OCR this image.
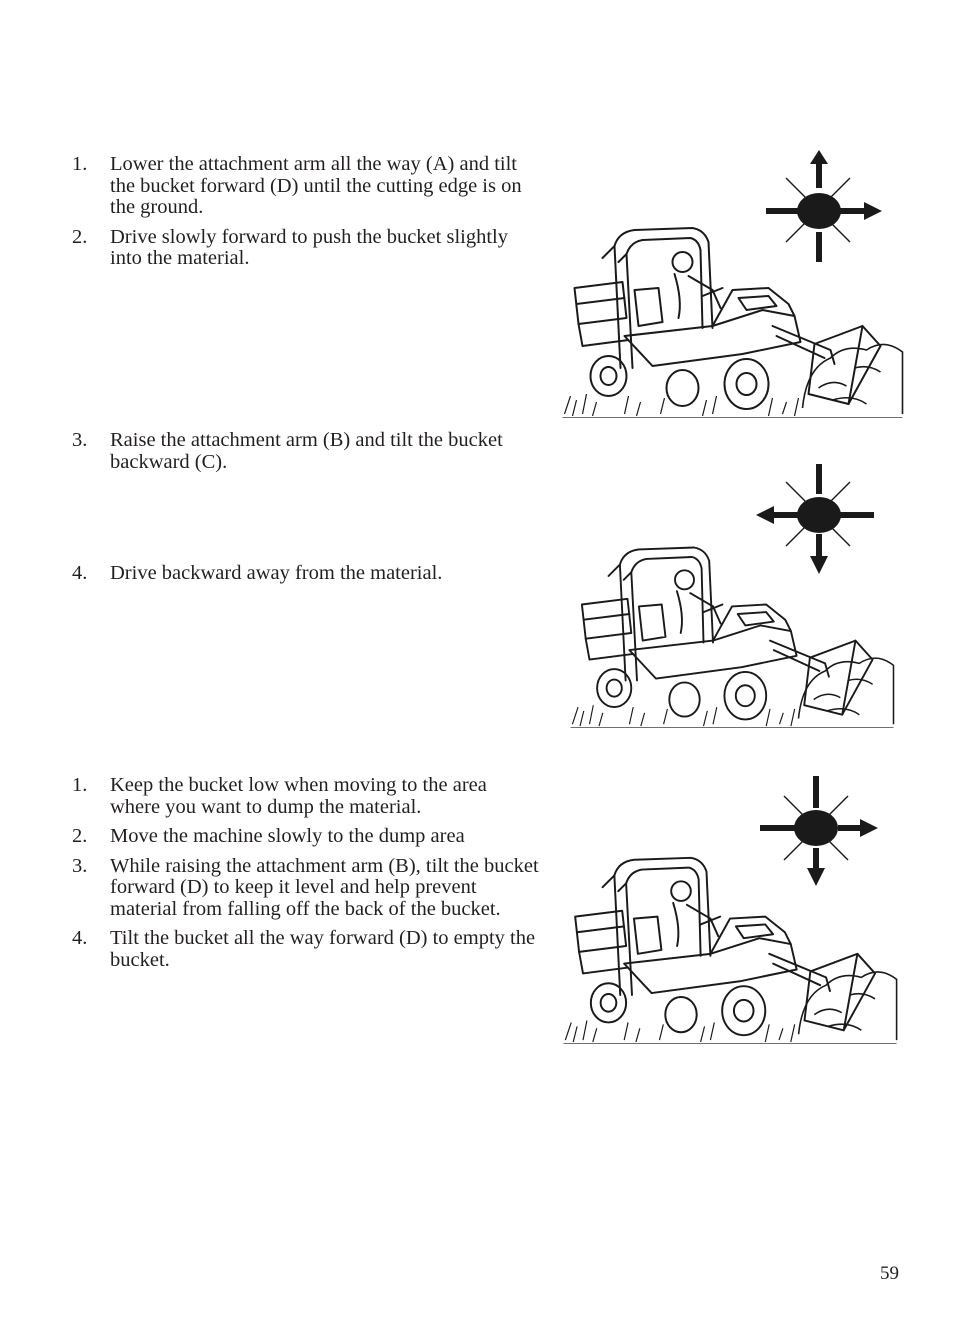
1. Lower the attachment arm all the way (A) and tilt the bucket forward (D) until the cutting edge is on the ground.
2. Drive slowly forward to push the bucket slightly into the material.
3. Raise the attachment arm (B) and tilt the bucket backward (C).
4. Drive backward away from the material.
1. Keep the bucket low when moving to the area where you want to dump the material.
2. Move the machine slowly to the dump area
3. While raising the attachment arm (B), tilt the bucket forward (D) to keep it level and help prevent material from falling off the back of the bucket.
4. Tilt the bucket all the way forward (D) to empty the bucket.
59
